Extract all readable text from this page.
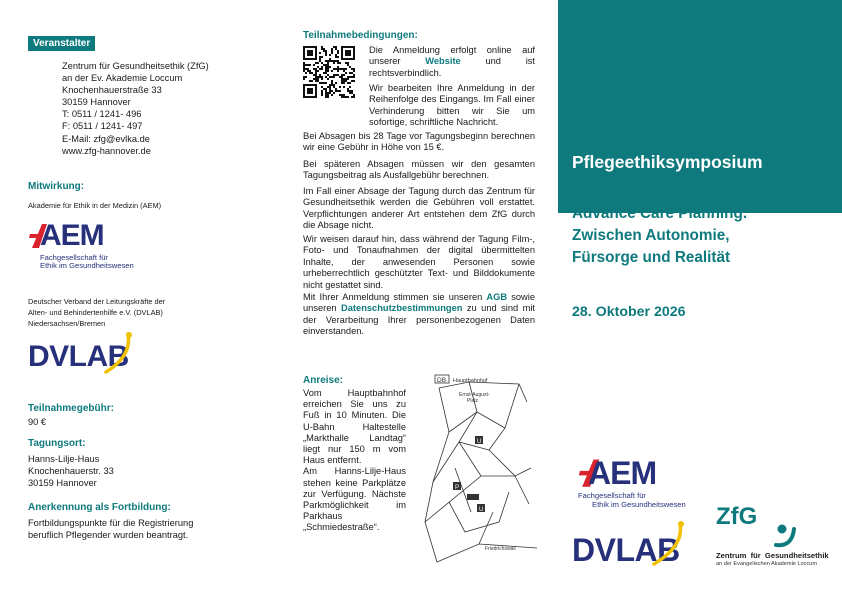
Veranstalter
Zentrum für Gesundheitsethik (ZfG)
an der Ev. Akademie Loccum
Knochenhauerstraße 33
30159 Hannover
T: 0511 / 1241- 496
F: 0511 / 1241- 497
E-Mail: zfg@evlka.de
www.zfg-hannover.de
Mitwirkung:
Akademie für Ethik in der Medizin (AEM)
AEM
Fachgesellschaft für
Ethik im Gesundheitswesen
Deutscher Verband der Leitungskräfte der
Alten- und Behindertenhilfe e.V. (DVLAB)
Niedersachsen/Bremen
DVLAB
Teilnahmegebühr:
90 €
Tagungsort:
Hanns-Lilje-Haus
Knochenhauerstr. 33
30159 Hannover
Anerkennung als Fortbildung:
Fortbildungspunkte für die Registrierung
beruflich Pflegender wurden beantragt.
Teilnahmebedingungen:
Die Anmeldung erfolgt online auf unserer Website und ist rechtsverbindlich.
Wir bearbeiten Ihre Anmeldung in der Reihenfolge des Eingangs. Im Fall einer Verhinderung bitten wir Sie um sofortige, schriftliche Nachricht.
Bei Absagen bis 28 Tage vor Tagungsbeginn berechnen wir eine Gebühr in Höhe von 15 €.
Bei späteren Absagen müssen wir den gesamten Tagungsbeitrag als Ausfallgebühr berechnen.
Im Fall einer Absage der Tagung durch das Zentrum für Gesundheitsethik werden die Gebühren voll erstattet. Verpflichtungen anderer Art entstehen dem ZfG durch die Absage nicht.
Wir weisen darauf hin, dass während der Tagung Film-, Foto- und Tonaufnahmen der digital übermittelten Inhalte, der anwesenden Personen sowie urheberrechtlich geschützter Text- und Bilddokumente nicht gestattet sind.
Mit Ihrer Anmeldung stimmen sie unseren AGB sowie unseren Datenschutzbestimmungen zu und sind mit der Verarbeitung Ihrer personenbezogenen Daten einverstanden.
Anreise:
Vom Hauptbahnhof erreichen Sie uns zu Fuß in 10 Minuten. Die U-Bahn Haltestelle „Markthalle Landtag“ liegt nur 150 m vom Haus entfernt.
Am Hanns-Lilje-Haus stehen keine Parkplätze zur Verfügung. Nächste Parkmöglichkeit im Parkhaus „Schmiedestraße“.
DB Hauptbahnhof
Ernst-August-
Platz
U
P
U
Friedrichswall
Pflegeethiksymposium
Advance Care Planning.
Zwischen Autonomie,
Fürsorge und Realität
28. Oktober 2026
AEM
Fachgesellschaft für
Ethik im Gesundheitswesen
DVLAB
ZfG
Zentrum  für  Gesundheitsethik
an der Evangelischen Akademie Loccum
